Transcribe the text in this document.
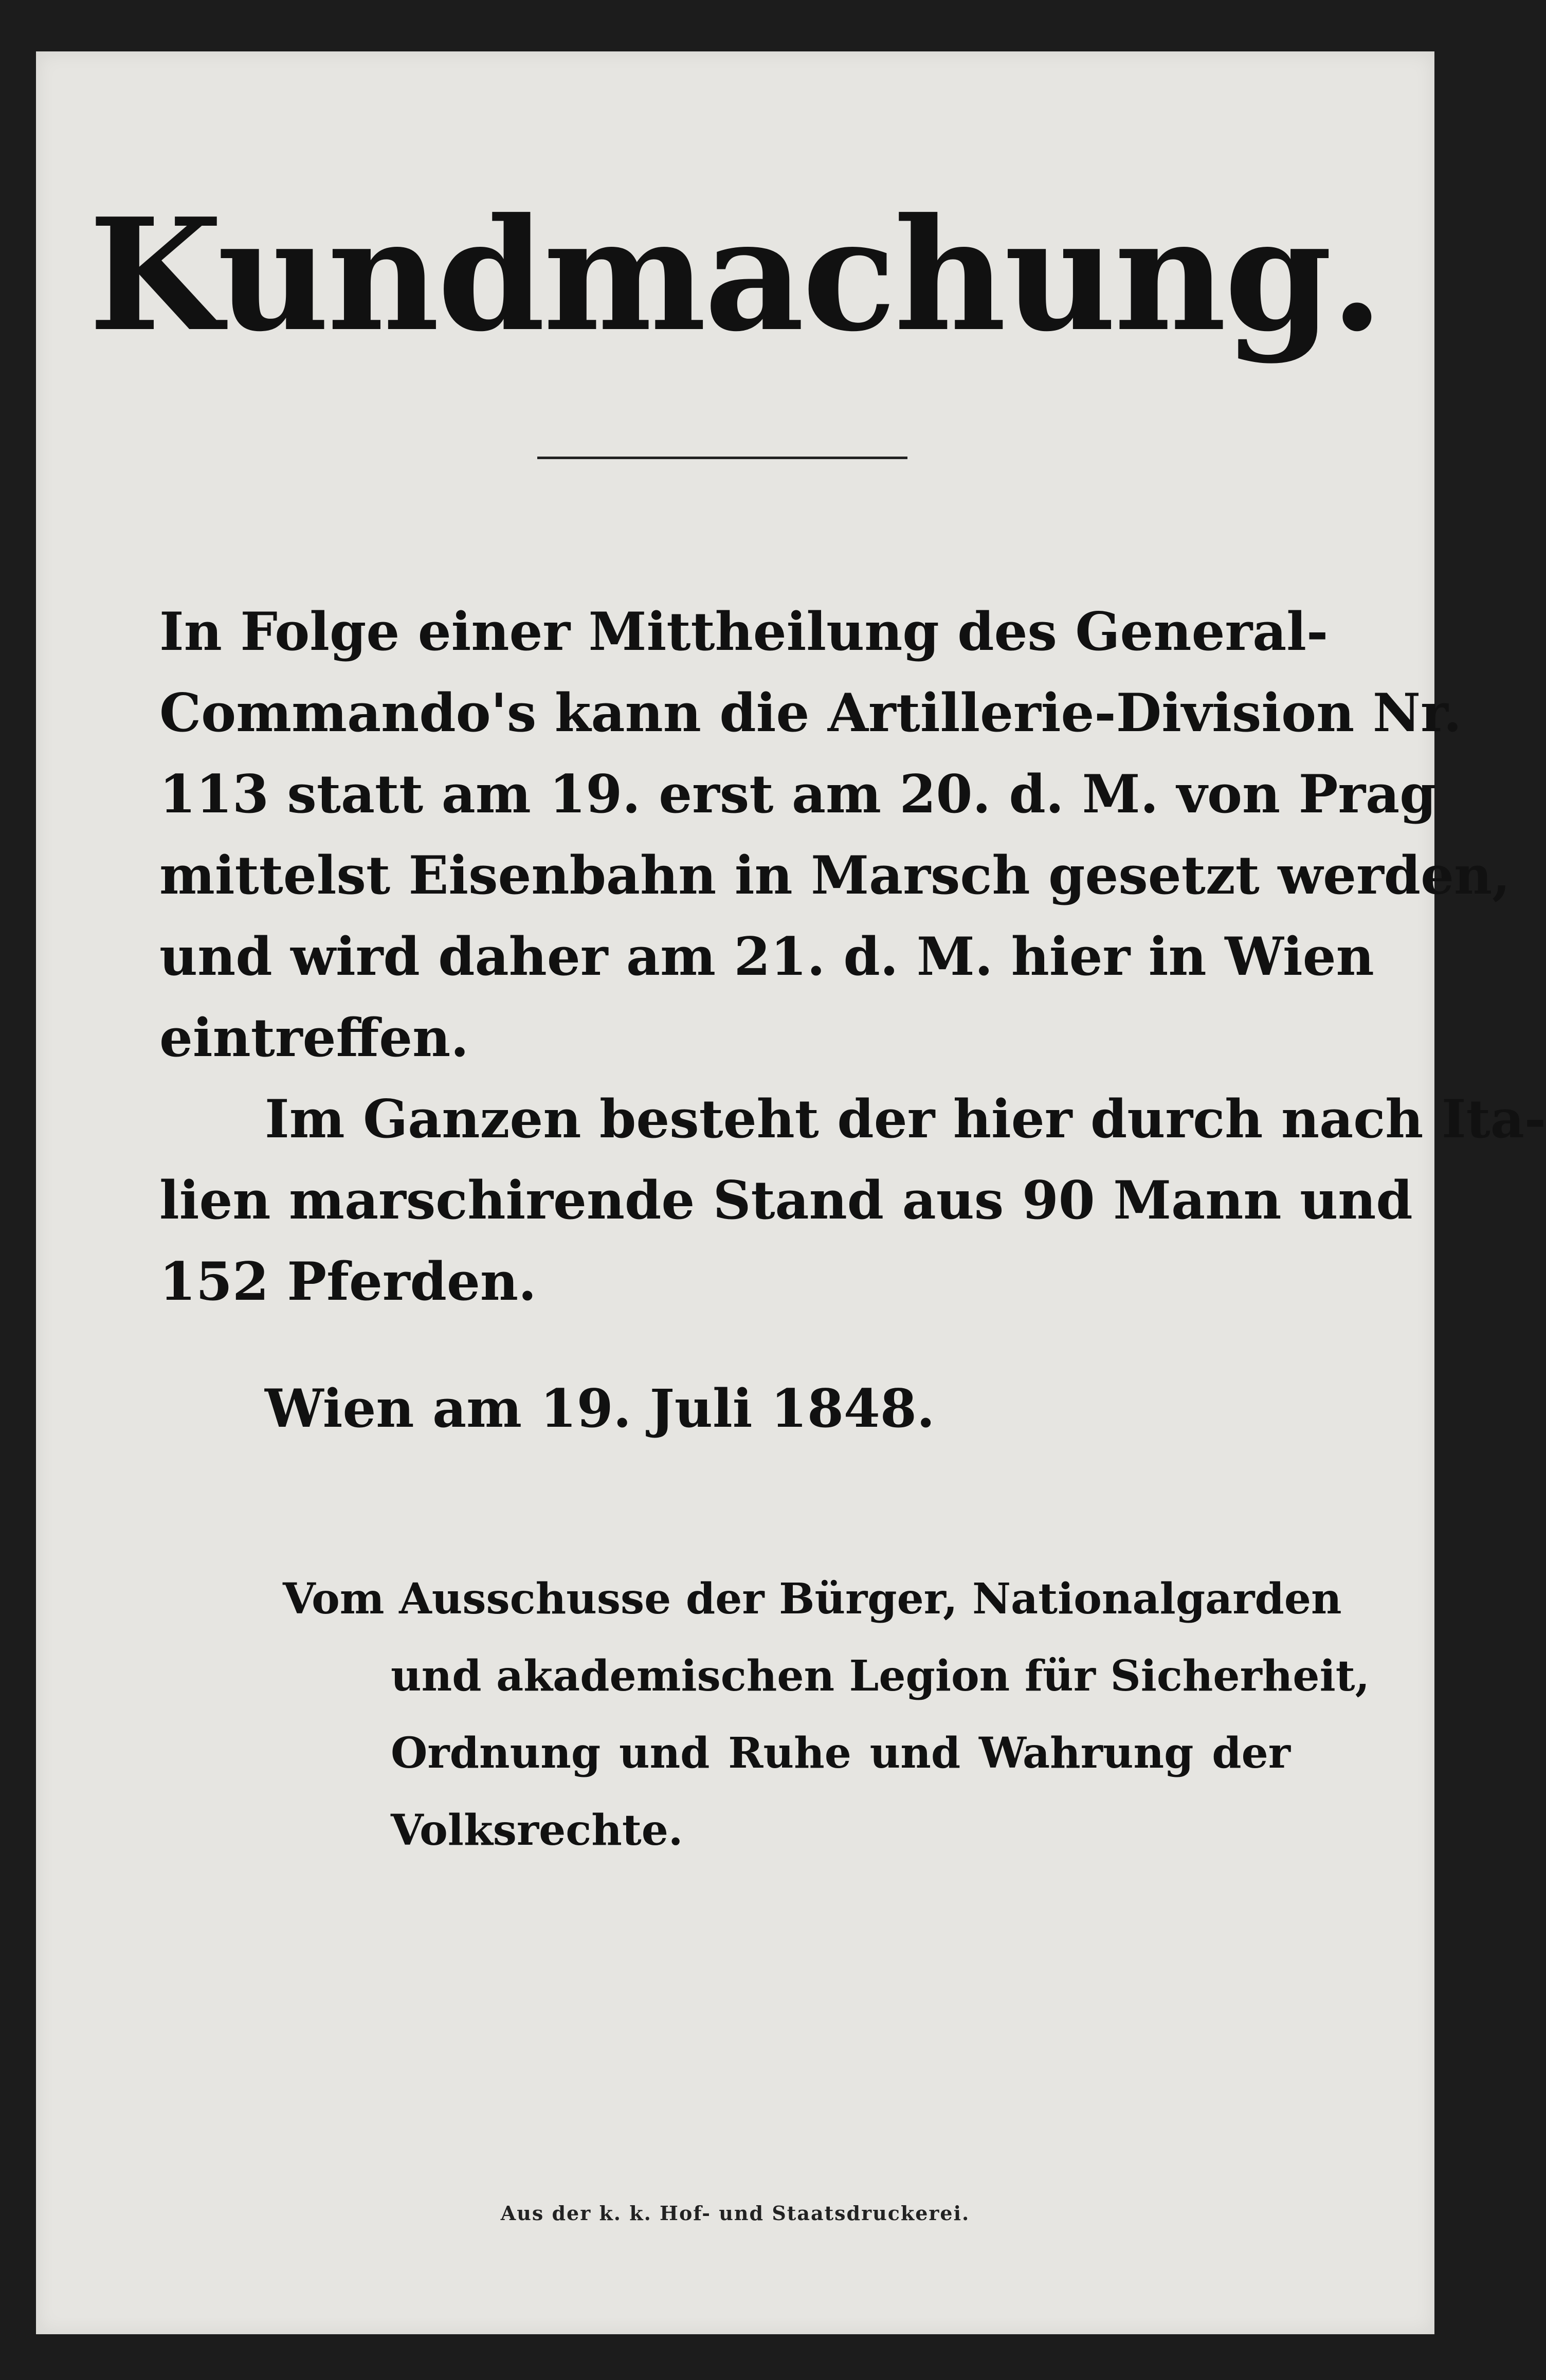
Kundmachung.
In Folge einer Mittheilung des General-
Commando's kann die Artillerie-Division Nr.
113 statt am 19. erst am 20. d. M. von Prag
mittelst Eisenbahn in Marsch gesetzt werden,
und wird daher am 21. d. M. hier in Wien
eintreffen.
Im Ganzen besteht der hier durch nach Ita-
lien marschirende Stand aus 90 Mann und
152 Pferden.
Wien am 19. Juli 1848.
Vom Ausschusse der Bürger, Nationalgarden
und akademischen Legion für Sicherheit,
Ordnung und Ruhe und Wahrung der
Volksrechte.
Aus der k. k. Hof- und Staatsdruckerei.
